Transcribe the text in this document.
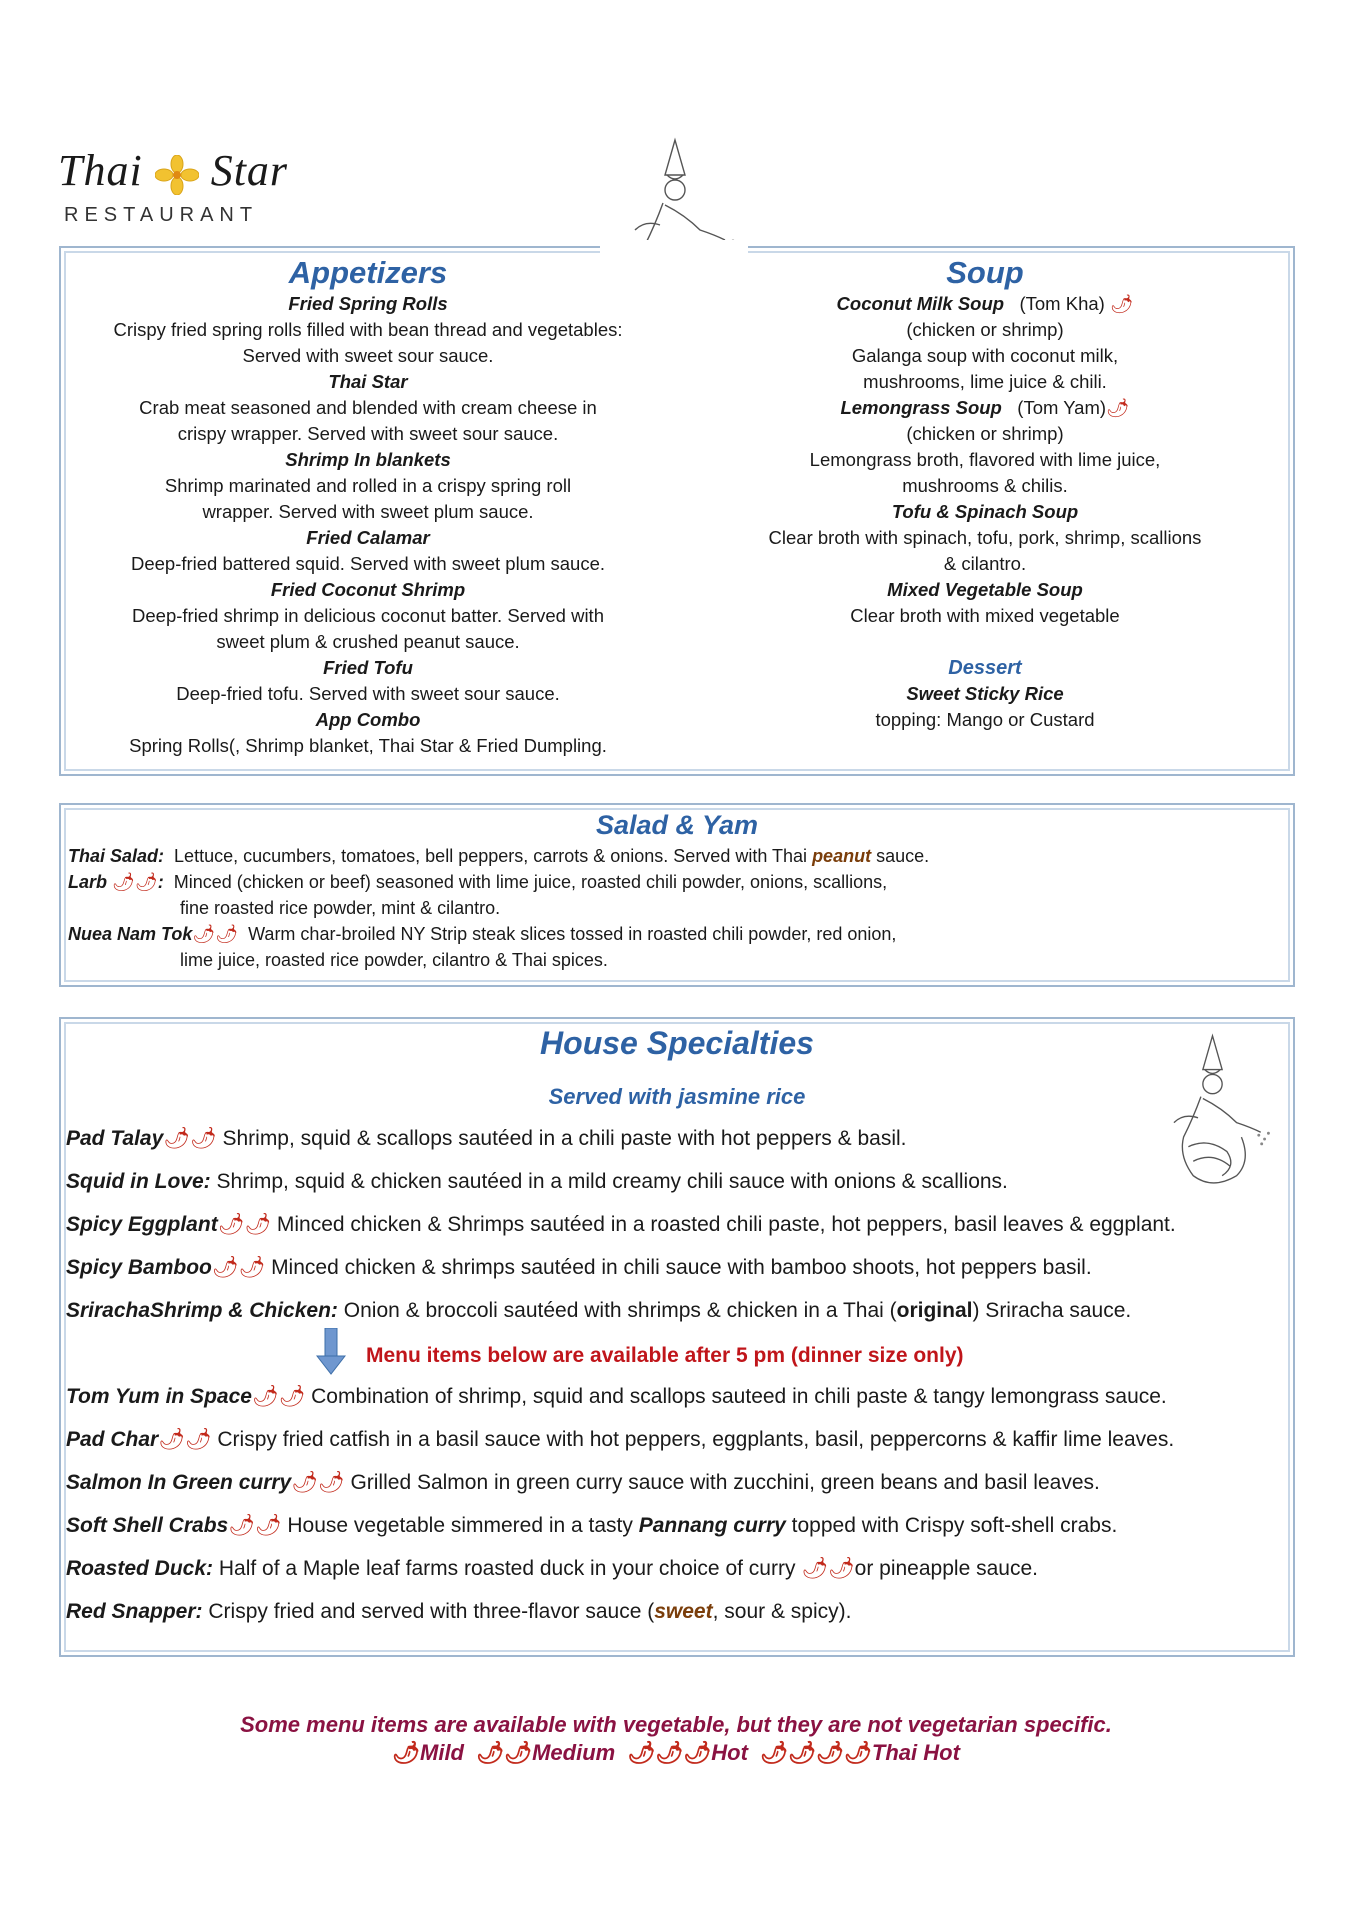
Thai Star
RESTAURANT
Appetizers
Fried Spring Rolls
Crispy fried spring rolls filled with bean thread and vegetables: Served with sweet sour sauce.
Thai Star
Crab meat seasoned and blended with cream cheese in crispy wrapper. Served with sweet sour sauce.
Shrimp In blankets
Shrimp marinated and rolled in a crispy spring roll wrapper. Served with sweet plum sauce.
Fried Calamar
Deep-fried battered squid. Served with sweet plum sauce.
Fried Coconut Shrimp
Deep-fried shrimp in delicious coconut batter. Served with sweet plum & crushed peanut sauce.
Fried Tofu
Deep-fried tofu. Served with sweet sour sauce.
App Combo
Spring Rolls(, Shrimp blanket, Thai Star & Fried Dumpling.
Soup
Coconut Milk Soup (Tom Kha) 🌶
(chicken or shrimp)
Galanga soup with coconut milk, mushrooms, lime juice & chili.
Lemongrass Soup (Tom Yam)🌶
(chicken or shrimp)
Lemongrass broth, flavored with lime juice, mushrooms & chilis.
Tofu & Spinach Soup
Clear broth with spinach, tofu, pork, shrimp, scallions & cilantro.
Mixed Vegetable Soup
Clear broth with mixed vegetable
Dessert
Sweet Sticky Rice
topping: Mango or Custard
Salad & Yam
Thai Salad: Lettuce, cucumbers, tomatoes, bell peppers, carrots & onions. Served with Thai peanut sauce.
Larb 🌶🌶: Minced (chicken or beef) seasoned with lime juice, roasted chili powder, onions, scallions,
fine roasted rice powder, mint & cilantro.
Nuea Nam Tok🌶🌶 Warm char-broiled NY Strip steak slices tossed in roasted chili powder, red onion,
lime juice, roasted rice powder, cilantro & Thai spices.
House Specialties
Served with jasmine rice
Pad Talay🌶🌶 Shrimp, squid & scallops sautéed in a chili paste with hot peppers & basil.
Squid in Love: Shrimp, squid & chicken sautéed in a mild creamy chili sauce with onions & scallions.
Spicy Eggplant🌶🌶 Minced chicken & Shrimps sautéed in a roasted chili paste, hot peppers, basil leaves & eggplant.
Spicy Bamboo🌶🌶 Minced chicken & shrimps sautéed in chili sauce with bamboo shoots, hot peppers basil.
SrirachaShrimp & Chicken: Onion & broccoli sautéed with shrimps & chicken in a Thai (original) Sriracha sauce.
Menu items below are available after 5 pm (dinner size only)
Tom Yum in Space🌶🌶 Combination of shrimp, squid and scallops sauteed in chili paste & tangy lemongrass sauce.
Pad Char🌶🌶 Crispy fried catfish in a basil sauce with hot peppers, eggplants, basil, peppercorns & kaffir lime leaves.
Salmon In Green curry🌶🌶 Grilled Salmon in green curry sauce with zucchini, green beans and basil leaves.
Soft Shell Crabs🌶🌶 House vegetable simmered in a tasty Pannang curry topped with Crispy soft-shell crabs.
Roasted Duck: Half of a Maple leaf farms roasted duck in your choice of curry 🌶🌶or pineapple sauce.
Red Snapper: Crispy fried and served with three-flavor sauce (sweet, sour & spicy).
Some menu items are available with vegetable, but they are not vegetarian specific.
🌶Mild 🌶🌶Medium 🌶🌶🌶Hot 🌶🌶🌶🌶Thai Hot
